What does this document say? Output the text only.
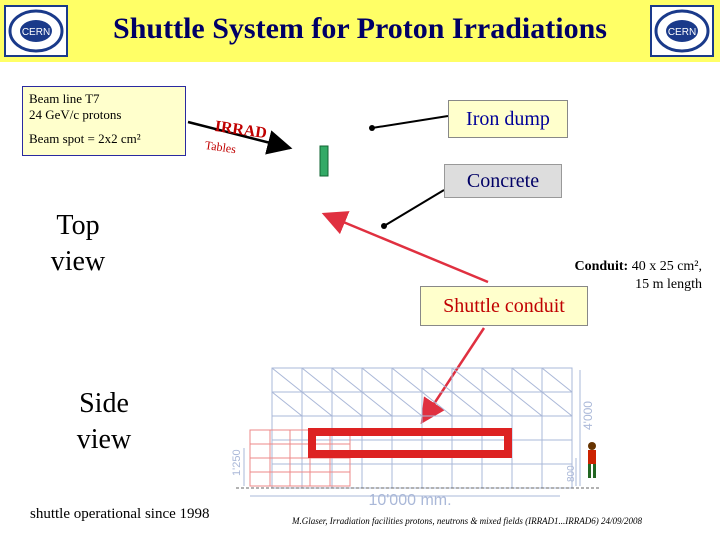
CERN	CERN
Shuttle System for Proton Irradiations
10'000 mm.
4'000
1'250	800
Beam line T7
24 GeV/c protons
Beam spot = 2x2 cm²	IRRAD
Tables
Iron dump
Concrete
Top
view
Side
view
Conduit: 40 x 25 cm²,
15 m length
Shuttle conduit
shuttle operational since 1998	M.Glaser, Irradiation facilities protons, neutrons & mixed fields (IRRAD1...IRRAD6) 24/09/2008
